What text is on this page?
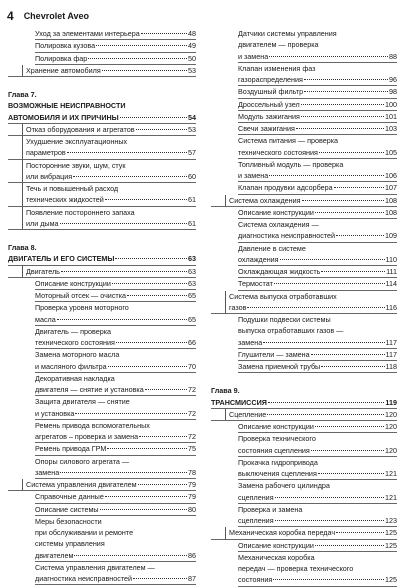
4 Chevrolet Aveo
Уход за элементами интерьера	48
Полировка кузова	49
Полировка фар	50
Хранение автомобиля	53
Глава 7.
ВОЗМОЖНЫЕ НЕИСПРАВНОСТИ
АВТОМОБИЛЯ И ИХ ПРИЧИНЫ	54
Отказ оборудования и агрегатов	53
Ухудшение эксплуатационных
параметров	57
Посторонние звуки, шум, стук
или вибрация	60
Течь и повышенный расход
технических жидкостей	61
Появление постороннего запаха
или дыма	61
Глава 8.
ДВИГАТЕЛЬ И ЕГО СИСТЕМЫ	63
Двигатель	63
Описание конструкции	63
Моторный отсек — очистка	65
Проверка уровня моторного
масла	65
Двигатель — проверка
технического состояния	66
Замена моторного масла
и масляного фильтра	70
Декоративная накладка
двигателя — снятие и установка	72
Защита двигателя — снятие
и установка	72
Ремень привода вспомогательных
агрегатов – проверка и замена	72
Ремень привода ГРМ	75
Опоры силового агрегата —
замена	78
Система управления двигателем	79
Справочные данные	79
Описание системы	80
Меры безопасности
при обслуживании и ремонте
системы управления
двигателем	86
Система управления двигателем —
диагностика неисправностей	87
Датчики системы управления
двигателем — проверка
и замена	88
Клапан изменения фаз
газораспределения	96
Воздушный фильтр	98
Дроссельный узел	100
Модуль зажигания	101
Свечи зажигания	103
Система питания — проверка
технического состояния	105
Топливный модуль — проверка
и замена	106
Клапан продувки адсорбера	107
Система охлаждения	108
Описание конструкции	108
Система охлаждения —
диагностика неисправностей	109
Давление в системе
охлаждения	110
Охлаждающая жидкость	111
Термостат	114
Система выпуска отработавших
газов	116
Подушки подвески системы
выпуска отработавших газов —
замена	117
Глушители — замена	117
Замена приемной трубы	118
Глава 9.
ТРАНСМИССИЯ	119
Сцепление	120
Описание конструкции	120
Проверка технического
состояния сцепления	120
Прокачка гидропривода
выключения сцепления	121
Замена рабочего цилиндра
сцепления	121
Проверка и замена
сцепления	123
Механическая коробка передач	125
Описание конструкции	125
Механическая коробка
передач — проверка технического
состояния	125
